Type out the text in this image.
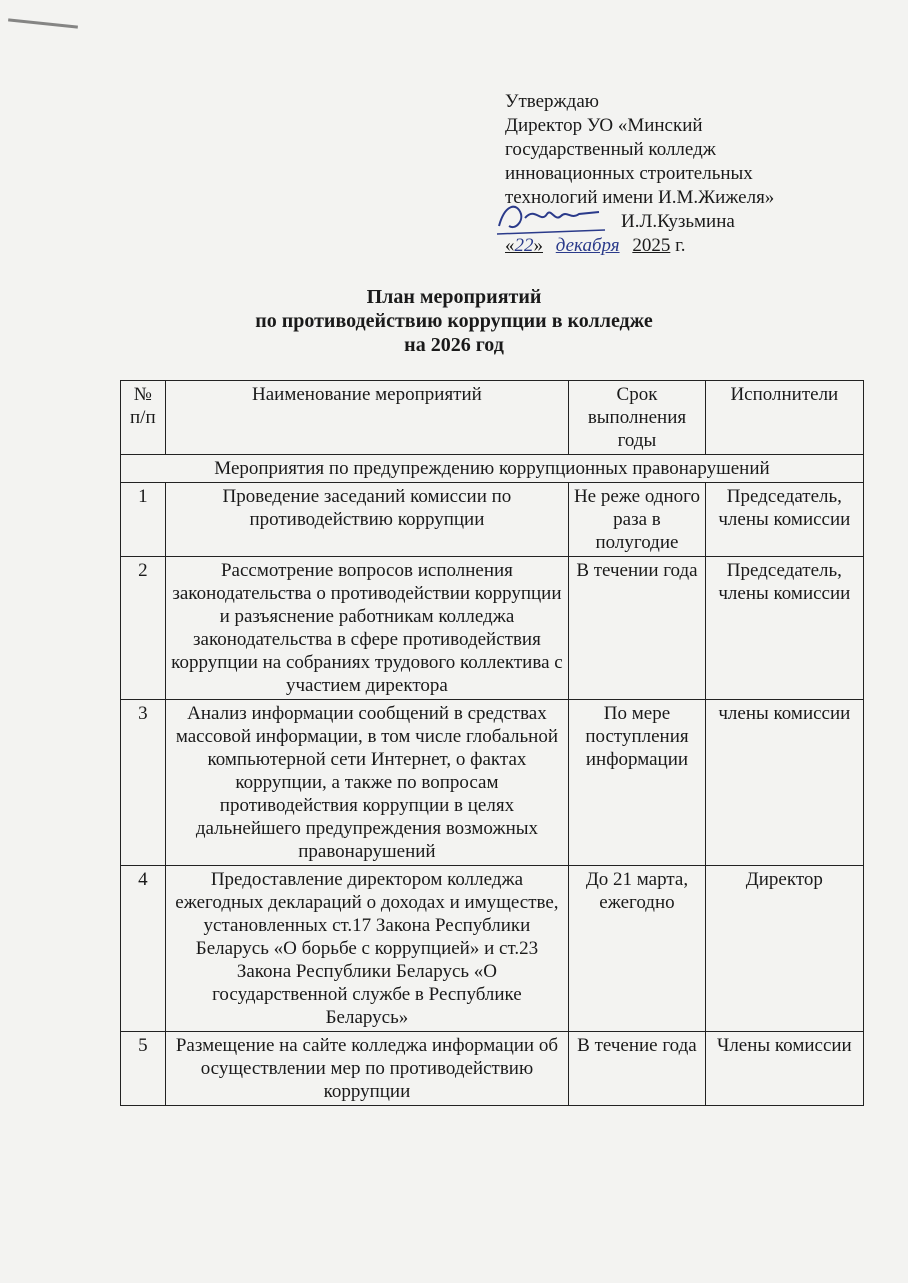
Утверждаю
Директор УО «Минский
государственный колледж
инновационных строительных
технологий имени И.М.Жижеля»
И.Л.Кузьмина
«22» декабря 2025 г.
План мероприятий
по противодействию коррупции в колледже
на 2026 год
№ п/п	Наименование мероприятий	Срок выполнения годы	Исполнители
Мероприятия по предупреждению коррупционных правонарушений			
1	Проведение заседаний комиссии по противодействию коррупции	Не реже одного раза в полугодие	Председатель, члены комиссии
2	Рассмотрение вопросов исполнения законодательства о противодействии коррупции и разъяснение работникам колледжа законодательства в сфере противодействия коррупции на собраниях трудового коллектива с участием директора	В течении года	Председатель, члены комиссии
3	Анализ информации сообщений в средствах массовой информации, в том числе глобальной компьютерной сети Интернет, о фактах коррупции, а также по вопросам противодействия коррупции в целях дальнейшего предупреждения возможных правонарушений	По мере поступления информации	члены комиссии
4	Предоставление директором колледжа ежегодных деклараций о доходах и имуществе, установленных ст.17 Закона Республики Беларусь «О борьбе с коррупцией» и ст.23 Закона Республики Беларусь «О государственной службе в Республике Беларусь»	До 21 марта, ежегодно	Директор
5	Размещение на сайте колледжа информации об осуществлении мер по противодействию коррупции	В течение года	Члены комиссии
